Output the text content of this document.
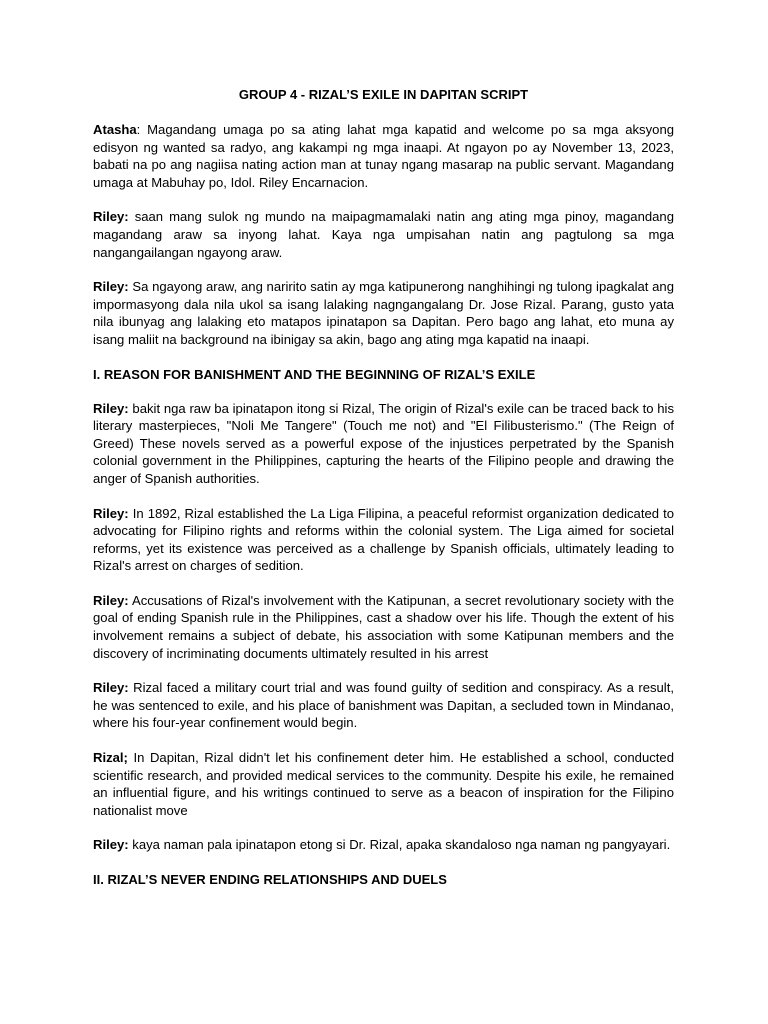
GROUP 4 - RIZAL’S EXILE IN DAPITAN SCRIPT

Atasha: Magandang umaga po sa ating lahat mga kapatid and welcome po sa mga aksyong edisyon ng wanted sa radyo, ang kakampi ng mga inaapi. At ngayon po ay November 13, 2023, babati na po ang nagiisa nating action man at tunay ngang masarap na public servant. Magandang umaga at Mabuhay po, Idol. Riley Encarnacion.

Riley: saan mang sulok ng mundo na maipagmamalaki natin ang ating mga pinoy, magandang magandang araw sa inyong lahat. Kaya nga umpisahan natin ang pagtulong sa mga nangangailangan ngayong araw.

Riley: Sa ngayong araw, ang naririto satin ay mga katipunerong nanghihingi ng tulong ipagkalat ang impormasyong dala nila ukol sa isang lalaking nagngangalang Dr. Jose Rizal. Parang, gusto yata nila ibunyag ang lalaking eto matapos ipinatapon sa Dapitan. Pero bago ang lahat, eto muna ay isang maliit na background na ibinigay sa akin, bago ang ating mga kapatid na inaapi.

I. REASON FOR BANISHMENT AND THE BEGINNING OF RIZAL’S EXILE

Riley: bakit nga raw ba ipinatapon itong si Rizal, The origin of Rizal's exile can be traced back to his literary masterpieces, "Noli Me Tangere" (Touch me not) and "El Filibusterismo." (The Reign of Greed) These novels served as a powerful expose of the injustices perpetrated by the Spanish colonial government in the Philippines, capturing the hearts of the Filipino people and drawing the anger of Spanish authorities.

Riley: In 1892, Rizal established the La Liga Filipina, a peaceful reformist organization dedicated to advocating for Filipino rights and reforms within the colonial system. The Liga aimed for societal reforms, yet its existence was perceived as a challenge by Spanish officials, ultimately leading to Rizal's arrest on charges of sedition.

Riley: Accusations of Rizal's involvement with the Katipunan, a secret revolutionary society with the goal of ending Spanish rule in the Philippines, cast a shadow over his life. Though the extent of his involvement remains a subject of debate, his association with some Katipunan members and the discovery of incriminating documents ultimately resulted in his arrest

Riley: Rizal faced a military court trial and was found guilty of sedition and conspiracy. As a result, he was sentenced to exile, and his place of banishment was Dapitan, a secluded town in Mindanao, where his four-year confinement would begin.

Rizal; In Dapitan, Rizal didn't let his confinement deter him. He established a school, conducted scientific research, and provided medical services to the community. Despite his exile, he remained an influential figure, and his writings continued to serve as a beacon of inspiration for the Filipino nationalist move

Riley: kaya naman pala ipinatapon etong si Dr. Rizal, apaka skandaloso nga naman ng pangyayari.

II. RIZAL’S NEVER ENDING RELATIONSHIPS AND DUELS
